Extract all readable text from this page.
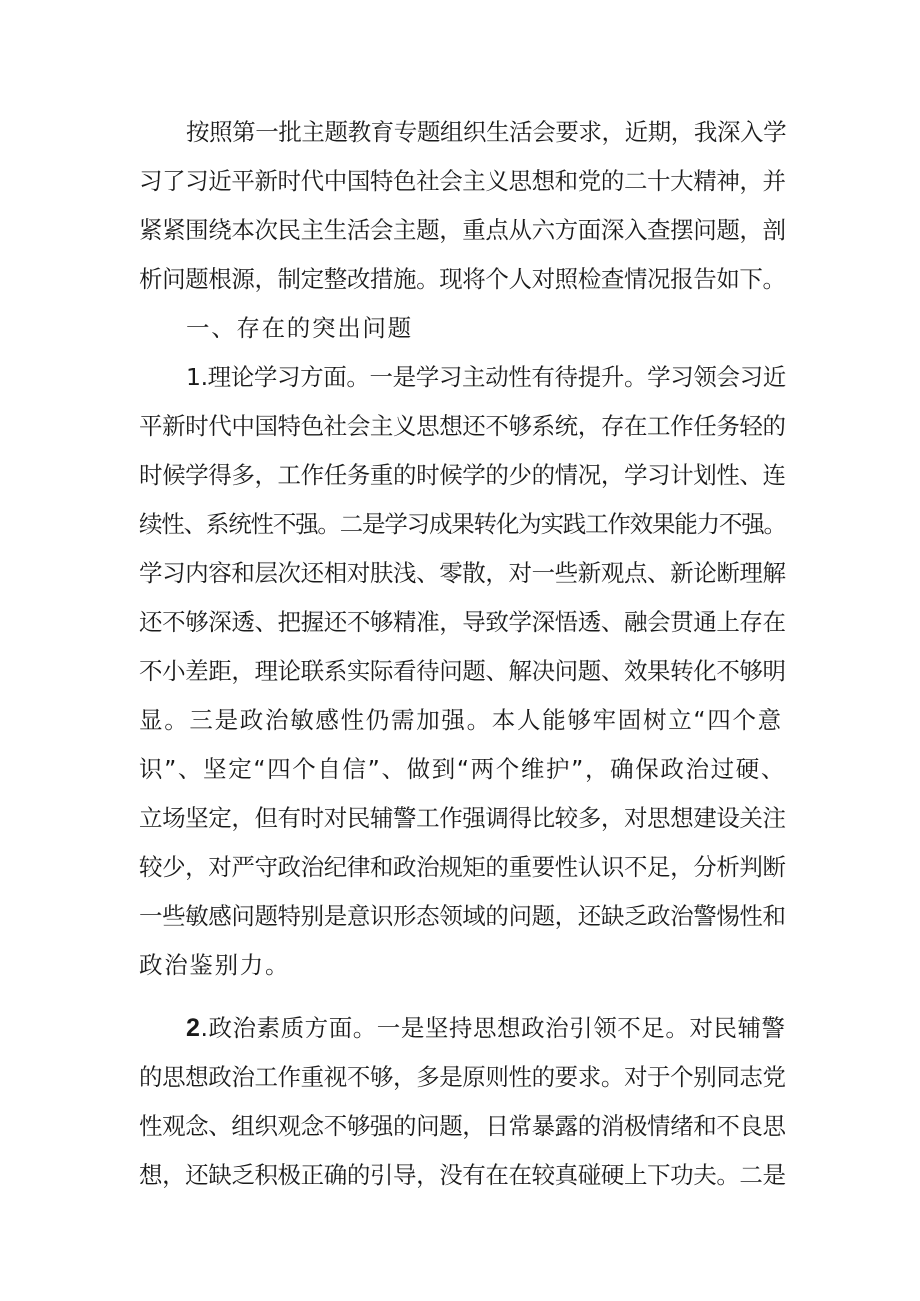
按照第一批主题教育专题组织生活会要求，近期，我深入学
习了习近平新时代中国特色社会主义思想和党的二十大精神，并
紧紧围绕本次民主生活会主题，重点从六方面深入查摆问题，剖
析问题根源，制定整改措施。现将个人对照检查情况报告如下。
一、存在的突出问题
1.理论学习方面。一是学习主动性有待提升。学习领会习近
平新时代中国特色社会主义思想还不够系统，存在工作任务轻的
时候学得多，工作任务重的时候学的少的情况，学习计划性、连
续性、系统性不强。二是学习成果转化为实践工作效果能力不强。
学习内容和层次还相对肤浅、零散，对一些新观点、新论断理解
还不够深透、把握还不够精准，导致学深悟透、融会贯通上存在
不小差距，理论联系实际看待问题、解决问题、效果转化不够明
显。三是政治敏感性仍需加强。本人能够牢固树立“四个意
识”、坚定“四个自信”、做到“两个维护”，确保政治过硬、
立场坚定，但有时对民辅警工作强调得比较多，对思想建设关注
较少，对严守政治纪律和政治规矩的重要性认识不足，分析判断
一些敏感问题特别是意识形态领域的问题，还缺乏政治警惕性和
政治鉴别力。
2.政治素质方面。一是坚持思想政治引领不足。对民辅警
的思想政治工作重视不够，多是原则性的要求。对于个别同志党
性观念、组织观念不够强的问题，日常暴露的消极情绪和不良思
想，还缺乏积极正确的引导，没有在在较真碰硬上下功夫。二是
